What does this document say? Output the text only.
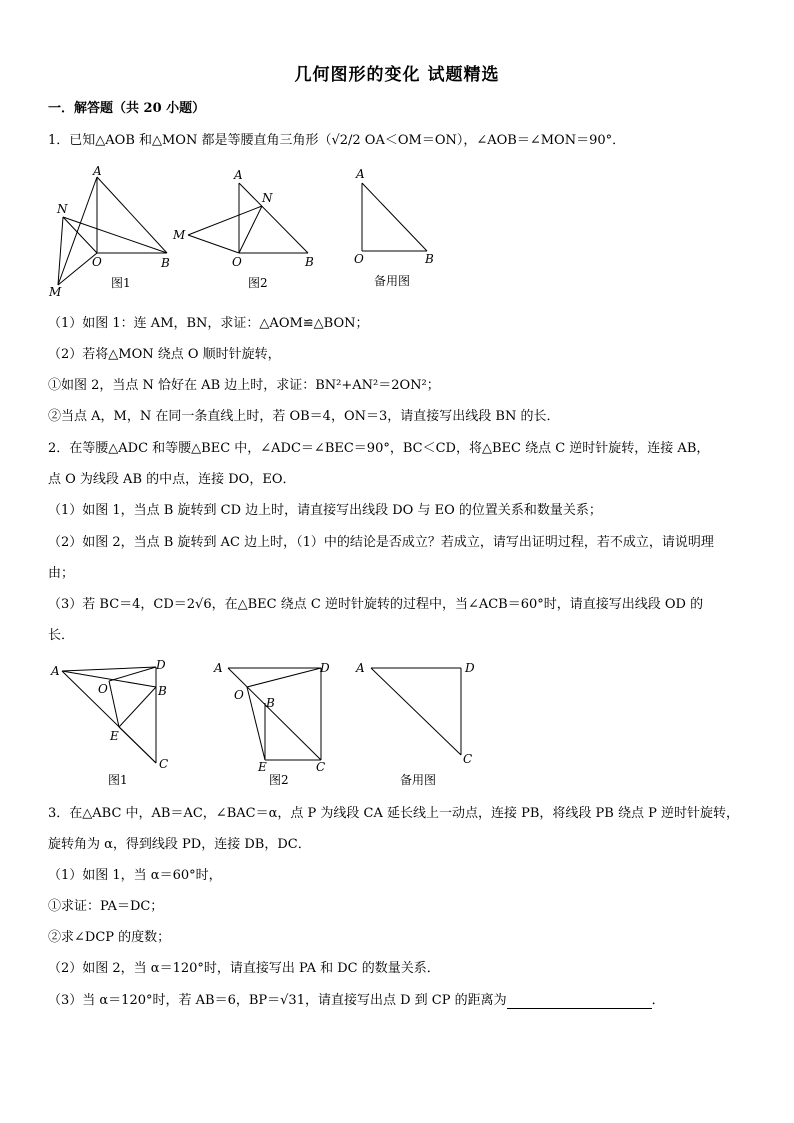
几何图形的变化 试题精选
一．解答题（共 20 小题）
1．已知△AOB 和△MON 都是等腰直角三角形（√2/2 OA＜OM＝ON），∠AOB＝∠MON＝90°．
A
N
O	B
M
图1
A
N
M
O	B
图2
A
O	B
备用图
（1）如图 1：连 AM，BN，求证：△AOM≌△BON；
（2）若将△MON 绕点 O 顺时针旋转，
①如图 2，当点 N 恰好在 AB 边上时，求证：BN²+AN²＝2ON²；
②当点 A，M，N 在同一条直线上时，若 OB＝4，ON＝3，请直接写出线段 BN 的长．
2．在等腰△ADC 和等腰△BEC 中，∠ADC＝∠BEC＝90°，BC＜CD，将△BEC 绕点 C 逆时针旋转，连接 AB，
点 O 为线段 AB 的中点，连接 DO，EO．
（1）如图 1，当点 B 旋转到 CD 边上时，请直接写出线段 DO 与 EO 的位置关系和数量关系；
（2）如图 2，当点 B 旋转到 AC 边上时，（1）中的结论是否成立？若成立，请写出证明过程，若不成立，请说明理
由；
（3）若 BC＝4，CD＝2√6，在△BEC 绕点 C 逆时针旋转的过程中，当∠ACB＝60°时，请直接写出线段 OD 的
长．
A	D
B
O
E
C
图1
A	D
O
B
E	C
图2
A	D
C
备用图
3．在△ABC 中，AB＝AC，∠BAC＝α，点 P 为线段 CA 延长线上一动点，连接 PB，将线段 PB 绕点 P 逆时针旋转，
旋转角为 α，得到线段 PD，连接 DB，DC．
（1）如图 1，当 α＝60°时，
①求证：PA＝DC；
②求∠DCP 的度数；
（2）如图 2，当 α＝120°时，请直接写出 PA 和 DC 的数量关系．
（3）当 α＝120°时，若 AB＝6，BP＝√31，请直接写出点 D 到 CP 的距离为	．
